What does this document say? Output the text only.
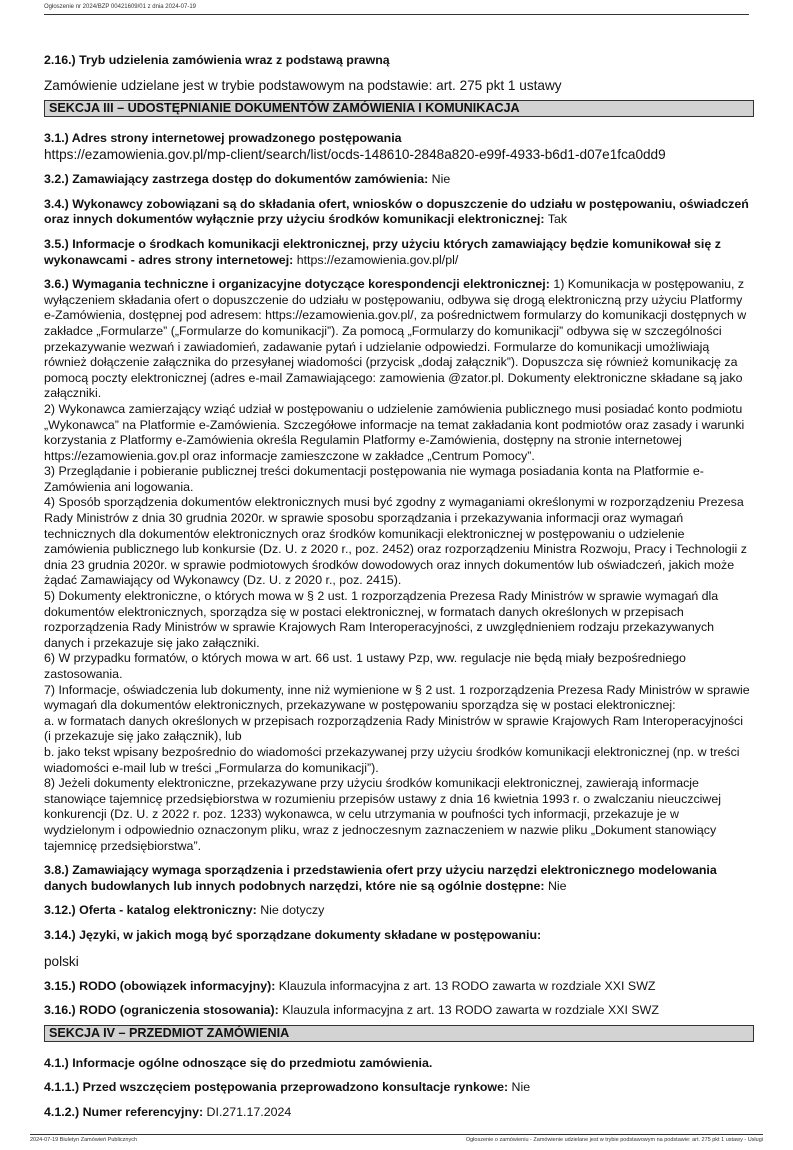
Ogłoszenie nr 2024/BZP 00421609/01 z dnia 2024-07-19
2.16.) Tryb udzielenia zamówienia wraz z podstawą prawną
Zamówienie udzielane jest w trybie podstawowym na podstawie: art. 275 pkt 1 ustawy
SEKCJA III – UDOSTĘPNIANIE DOKUMENTÓW ZAMÓWIENIA I KOMUNIKACJA
3.1.) Adres strony internetowej prowadzonego postępowania
https://ezamowienia.gov.pl/mp-client/search/list/ocds-148610-2848a820-e99f-4933-b6d1-d07e1fca0dd9
3.2.) Zamawiający zastrzega dostęp do dokumentów zamówienia: Nie
3.4.) Wykonawcy zobowiązani są do składania ofert, wniosków o dopuszczenie do udziału w postępowaniu, oświadczeń oraz innych dokumentów wyłącznie przy użyciu środków komunikacji elektronicznej: Tak
3.5.) Informacje o środkach komunikacji elektronicznej, przy użyciu których zamawiający będzie komunikował się z wykonawcami - adres strony internetowej: https://ezamowienia.gov.pl/pl/

3.6.) Wymagania techniczne i organizacyjne dotyczące korespondencji elektronicznej: 1) Komunikacja w postępowaniu, z wyłączeniem składania ofert o dopuszczenie do udziału w postępowaniu, odbywa się drogą elektroniczną przy użyciu Platformy e-Zamówienia, dostępnej pod adresem: https://ezamowienia.gov.pl/, za pośrednictwem formularzy do komunikacji dostępnych w zakładce „Formularze” („Formularze do komunikacji”). Za pomocą „Formularzy do komunikacji” odbywa się w szczególności przekazywanie wezwań i zawiadomień, zadawanie pytań i udzielanie odpowiedzi. Formularze do komunikacji umożliwiają również dołączenie załącznika do przesyłanej wiadomości (przycisk „dodaj załącznik”). Dopuszcza się również komunikację za pomocą poczty elektronicznej (adres e-mail Zamawiającego: zamowienia @zator.pl. Dokumenty elektroniczne składane są jako załączniki.

2) Wykonawca zamierzający wziąć udział w postępowaniu o udzielenie zamówienia publicznego musi posiadać konto podmiotu „Wykonawca” na Platformie e-Zamówienia. Szczegółowe informacje na temat zakładania kont podmiotów oraz zasady i warunki korzystania z Platformy e-Zamówienia określa Regulamin Platformy e-Zamówienia, dostępny na stronie internetowej https://ezamowienia.gov.pl oraz informacje zamieszczone w zakładce „Centrum Pomocy”.

3) Przeglądanie i pobieranie publicznej treści dokumentacji postępowania nie wymaga posiadania konta na Platformie e-Zamówienia ani logowania.

4) Sposób sporządzenia dokumentów elektronicznych musi być zgodny z wymaganiami określonymi w rozporządzeniu Prezesa Rady Ministrów z dnia 30 grudnia 2020r. w sprawie sposobu sporządzania i przekazywania informacji oraz wymagań technicznych dla dokumentów elektronicznych oraz środków komunikacji elektronicznej w postępowaniu o udzielenie zamówienia publicznego lub konkursie (Dz. U. z 2020 r., poz. 2452) oraz rozporządzeniu Ministra Rozwoju, Pracy i Technologii z dnia 23 grudnia 2020r. w sprawie podmiotowych środków dowodowych oraz innych dokumentów lub oświadczeń, jakich może żądać Zamawiający od Wykonawcy (Dz. U. z 2020 r., poz. 2415).

5) Dokumenty elektroniczne, o których mowa w § 2 ust. 1 rozporządzenia Prezesa Rady Ministrów w sprawie wymagań dla dokumentów elektronicznych, sporządza się w postaci elektronicznej, w formatach danych określonych w przepisach rozporządzenia Rady Ministrów w sprawie Krajowych Ram Interoperacyjności, z uwzględnieniem rodzaju przekazywanych danych i przekazuje się jako załączniki.

6) W przypadku formatów, o których mowa w art. 66 ust. 1 ustawy Pzp, ww. regulacje nie będą miały bezpośredniego zastosowania.

7) Informacje, oświadczenia lub dokumenty, inne niż wymienione w § 2 ust. 1 rozporządzenia Prezesa Rady Ministrów w sprawie wymagań dla dokumentów elektronicznych, przekazywane w postępowaniu sporządza się w postaci elektronicznej:

a. w formatach danych określonych w przepisach rozporządzenia Rady Ministrów w sprawie Krajowych Ram Interoperacyjności (i przekazuje się jako załącznik), lub

b. jako tekst wpisany bezpośrednio do wiadomości przekazywanej przy użyciu środków komunikacji elektronicznej (np. w treści wiadomości e-mail lub w treści „Formularza do komunikacji”).

8) Jeżeli dokumenty elektroniczne, przekazywane przy użyciu środków komunikacji elektronicznej, zawierają informacje stanowiące tajemnicę przedsiębiorstwa w rozumieniu przepisów ustawy z dnia 16 kwietnia 1993 r. o zwalczaniu nieuczciwej konkurencji (Dz. U. z 2022 r. poz. 1233) wykonawca, w celu utrzymania w poufności tych informacji, przekazuje je w wydzielonym i odpowiednio oznaczonym pliku, wraz z jednoczesnym zaznaczeniem w nazwie pliku „Dokument stanowiący tajemnicę przedsiębiorstwa”.

3.8.) Zamawiający wymaga sporządzenia i przedstawienia ofert przy użyciu narzędzi elektronicznego modelowania danych budowlanych lub innych podobnych narzędzi, które nie są ogólnie dostępne: Nie
3.12.) Oferta - katalog elektroniczny: Nie dotyczy
3.14.) Języki, w jakich mogą być sporządzane dokumenty składane w postępowaniu:
polski
3.15.) RODO (obowiązek informacyjny): Klauzula informacyjna z art. 13 RODO zawarta w rozdziale XXI SWZ
3.16.) RODO (ograniczenia stosowania): Klauzula informacyjna z art. 13 RODO zawarta w rozdziale XXI SWZ
SEKCJA IV – PRZEDMIOT ZAMÓWIENIA
4.1.) Informacje ogólne odnoszące się do przedmiotu zamówienia.
4.1.1.) Przed wszczęciem postępowania przeprowadzono konsultacje rynkowe: Nie
4.1.2.) Numer referencyjny: DI.271.17.2024
2024-07-19 Biuletyn Zamówień Publicznych	Ogłoszenie o zamówieniu - Zamówienie udzielane jest w trybie podstawowym na podstawie: art. 275 pkt 1 ustawy - Usługi
